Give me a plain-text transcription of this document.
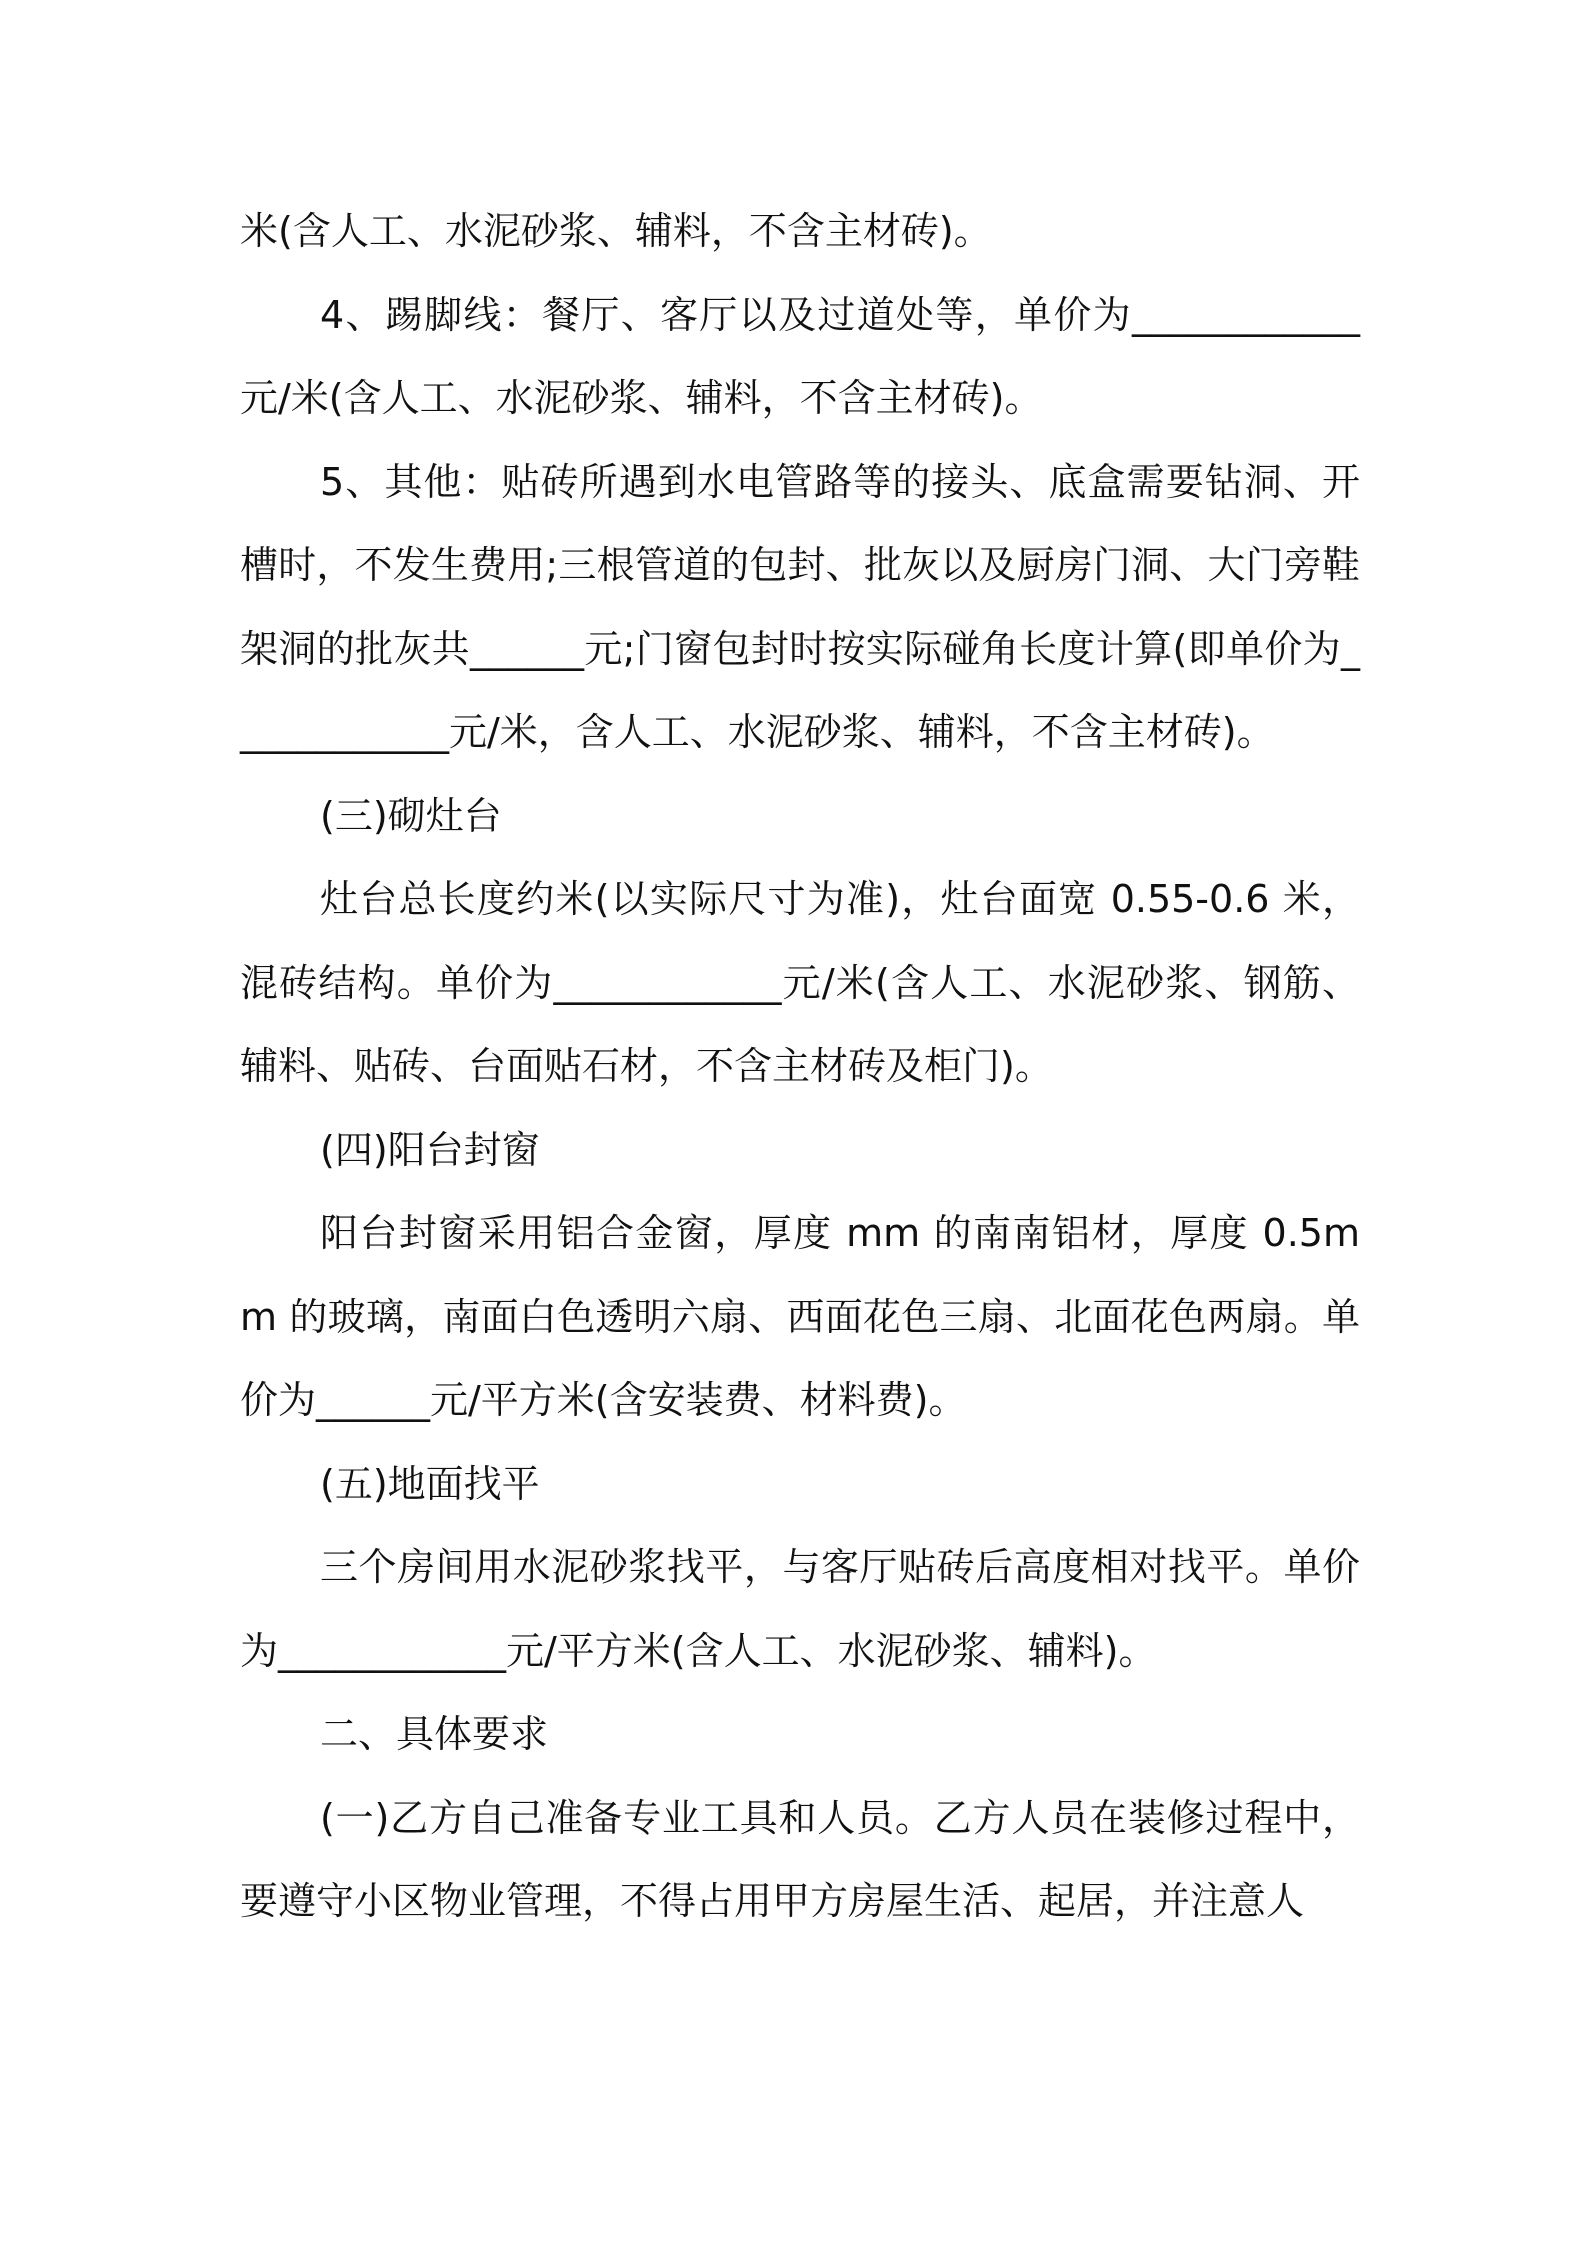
米(含人工、水泥砂浆、辅料，不含主材砖)。

4、踢脚线：餐厅、客厅以及过道处等，单价为____________元/米(含人工、水泥砂浆、辅料，不含主材砖)。

5、其他：贴砖所遇到水电管路等的接头、底盒需要钻洞、开槽时，不发生费用;三根管道的包封、批灰以及厨房门洞、大门旁鞋架洞的批灰共______元;门窗包封时按实际碰角长度计算(即单价为____________元/米，含人工、水泥砂浆、辅料，不含主材砖)。

(三)砌灶台

灶台总长度约米(以实际尺寸为准)，灶台面宽 0.55-0.6 米，混砖结构。单价为____________元/米(含人工、水泥砂浆、钢筋、辅料、贴砖、台面贴石材，不含主材砖及柜门)。

(四)阳台封窗

阳台封窗采用铝合金窗，厚度 mm 的南南铝材，厚度 0.5mm 的玻璃，南面白色透明六扇、西面花色三扇、北面花色两扇。单价为______元/平方米(含安装费、材料费)。

(五)地面找平

三个房间用水泥砂浆找平，与客厅贴砖后高度相对找平。单价为____________元/平方米(含人工、水泥砂浆、辅料)。

二、具体要求

(一)乙方自己准备专业工具和人员。乙方人员在装修过程中，要遵守小区物业管理，不得占用甲方房屋生活、起居，并注意人
